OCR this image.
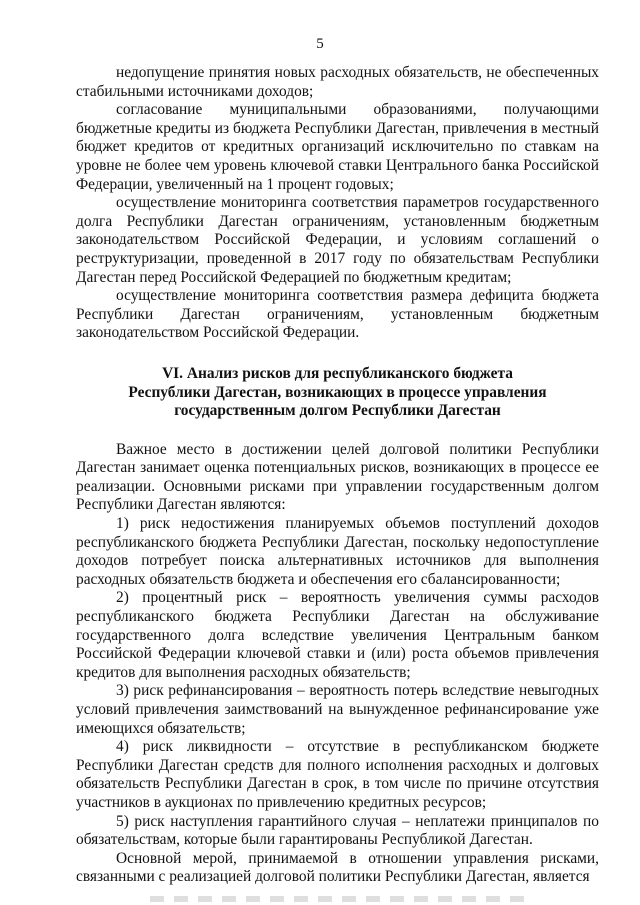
5

недопущение принятия новых расходных обязательств, не обеспеченных стабильными источниками доходов;

согласование муниципальными образованиями, получающими бюджетные кредиты из бюджета Республики Дагестан, привлечения в местный бюджет кредитов от кредитных организаций исключительно по ставкам на уровне не более чем уровень ключевой ставки Центрального банка Российской Федерации, увеличенный на 1 процент годовых;

осуществление мониторинга соответствия параметров государственного долга Республики Дагестан ограничениям, установленным бюджетным законодательством Российской Федерации, и условиям соглашений о реструктуризации, проведенной в 2017 году по обязательствам Республики Дагестан перед Российской Федерацией по бюджетным кредитам;

осуществление мониторинга соответствия размера дефицита бюджета Республики Дагестан ограничениям, установленным бюджетным законодательством Российской Федерации.

VI. Анализ рисков для республиканского бюджета
Республики Дагестан, возникающих в процессе управления
государственным долгом Республики Дагестан

Важное место в достижении целей долговой политики Республики Дагестан занимает оценка потенциальных рисков, возникающих в процессе ее реализации. Основными рисками при управлении государственным долгом Республики Дагестан являются:

1) риск недостижения планируемых объемов поступлений доходов республиканского бюджета Республики Дагестан, поскольку недопоступление доходов потребует поиска альтернативных источников для выполнения расходных обязательств бюджета и обеспечения его сбалансированности;

2) процентный риск – вероятность увеличения суммы расходов республиканского бюджета Республики Дагестан на обслуживание государственного долга вследствие увеличения Центральным банком Российской Федерации ключевой ставки и (или) роста объемов привлечения кредитов для выполнения расходных обязательств;

3) риск рефинансирования – вероятность потерь вследствие невыгодных условий привлечения заимствований на вынужденное рефинансирование уже имеющихся обязательств;

4) риск ликвидности – отсутствие в республиканском бюджете Республики Дагестан средств для полного исполнения расходных и долговых обязательств Республики Дагестан в срок, в том числе по причине отсутствия участников в аукционах по привлечению кредитных ресурсов;

5) риск наступления гарантийного случая – неплатежи принципалов по обязательствам, которые были гарантированы Республикой Дагестан.

Основной мерой, принимаемой в отношении управления рисками, связанными с реализацией долговой политики Республики Дагестан, является
